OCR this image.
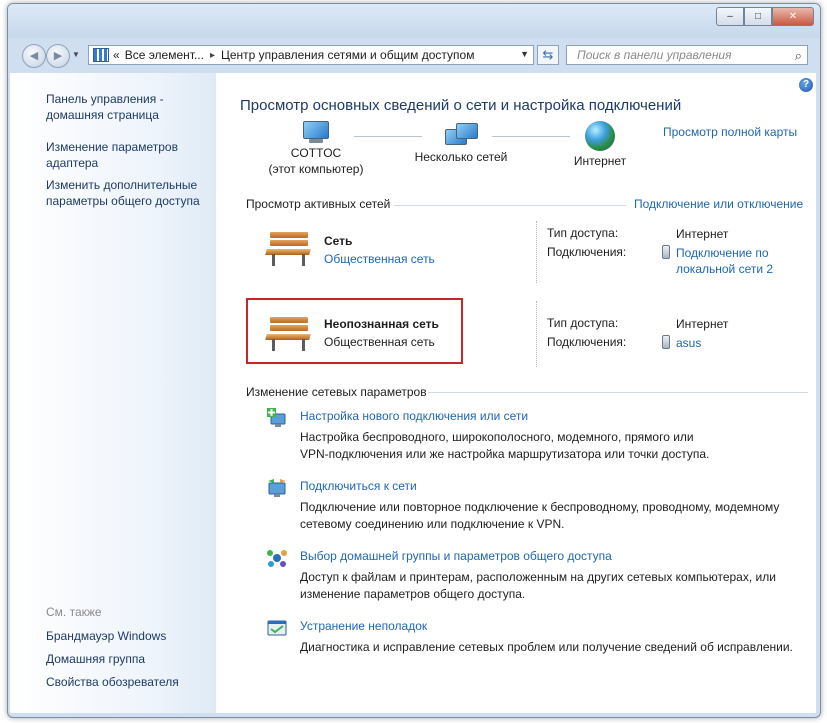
–	□	✕
◀	▶	▼	« Все элемент... ▸ Центр управления сетями и общим доступом	▼	⇆	Поиск в панели управления	⌕
Панель управления - домашняя страница
Изменение параметров адаптера
Изменить дополнительные параметры общего доступа
См. также
Брандмауэр Windows
Домашняя группа
Свойства обозревателя
?
Просмотр основных сведений о сети и настройка подключений
Просмотр полной карты
COTTOC
(этот компьютер)
Несколько сетей	Интернет
Просмотр активных сетей	Подключение или отключение
Сеть
Общественная сеть
Тип доступа:	Интернет
Подключения:	Подключение по
локальной сети 2
Неопознанная сеть
Общественная сеть
Тип доступа:	Интернет
Подключения:	asus
Изменение сетевых параметров
Настройка нового подключения или сети
Настройка беспроводного, широкополосного, модемного, прямого или
VPN-подключения или же настройка маршрутизатора или точки доступа.
Подключиться к сети
Подключение или повторное подключение к беспроводному, проводному, модемному
сетевому соединению или подключение к VPN.
Выбор домашней группы и параметров общего доступа
Доступ к файлам и принтерам, расположенным на других сетевых компьютерах, или
изменение параметров общего доступа.
Устранение неполадок
Диагностика и исправление сетевых проблем или получение сведений об исправлении.
